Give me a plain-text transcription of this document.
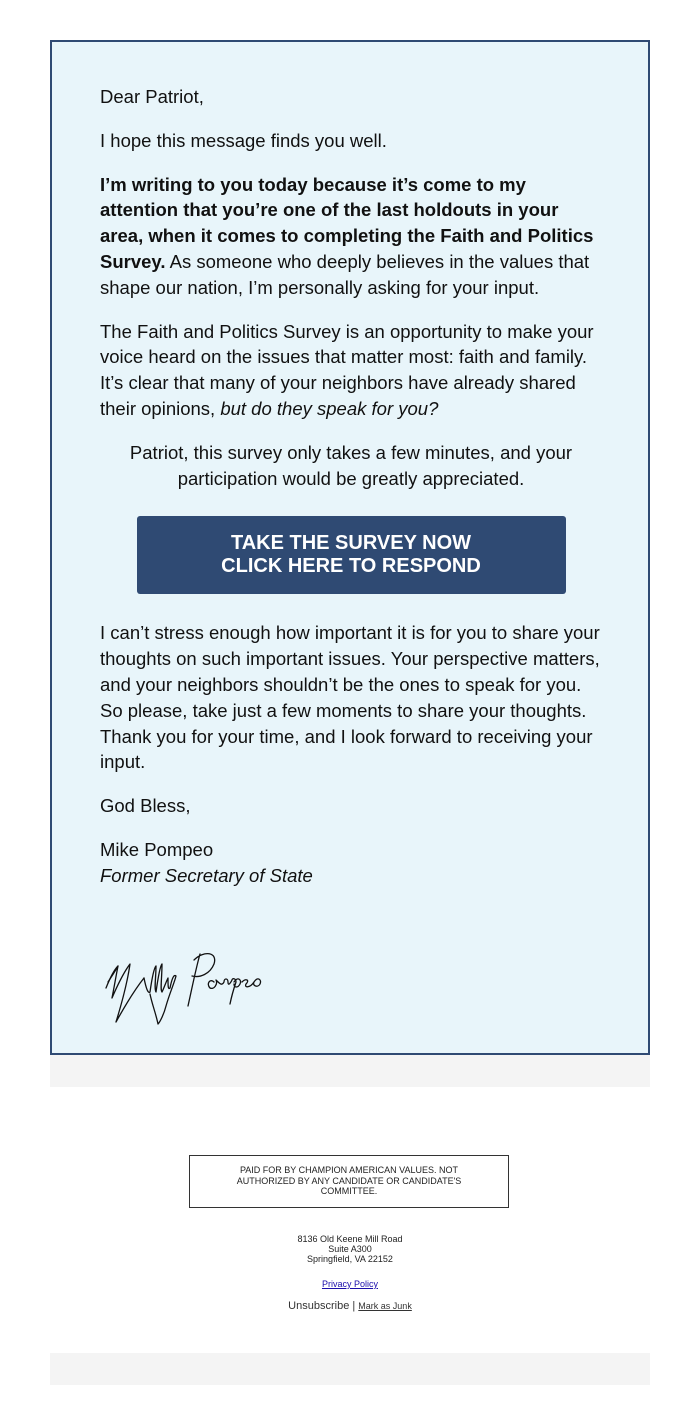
Dear Patriot,

I hope this message finds you well.

I’m writing to you today because it’s come to my attention that you’re one of the last holdouts in your area, when it comes to completing the Faith and Politics Survey. As someone who deeply believes in the values that shape our nation, I’m personally asking for your input.

The Faith and Politics Survey is an opportunity to make your voice heard on the issues that matter most: faith and family. It’s clear that many of your neighbors have already shared their opinions, but do they speak for you?

Patriot, this survey only takes a few minutes, and your participation would be greatly appreciated.

TAKE THE SURVEY NOW
CLICK HERE TO RESPOND

I can’t stress enough how important it is for you to share your thoughts on such important issues. Your perspective matters, and your neighbors shouldn’t be the ones to speak for you. So please, take just a few moments to share your thoughts. Thank you for your time, and I look forward to receiving your input.

God Bless,

Mike Pompeo
Former Secretary of State

PAID FOR BY CHAMPION AMERICAN VALUES. NOT AUTHORIZED BY ANY CANDIDATE OR CANDIDATE'S COMMITTEE.
8136 Old Keene Mill Road
Suite A300
Springfield, VA 22152
Privacy Policy
Unsubscribe | Mark as Junk
